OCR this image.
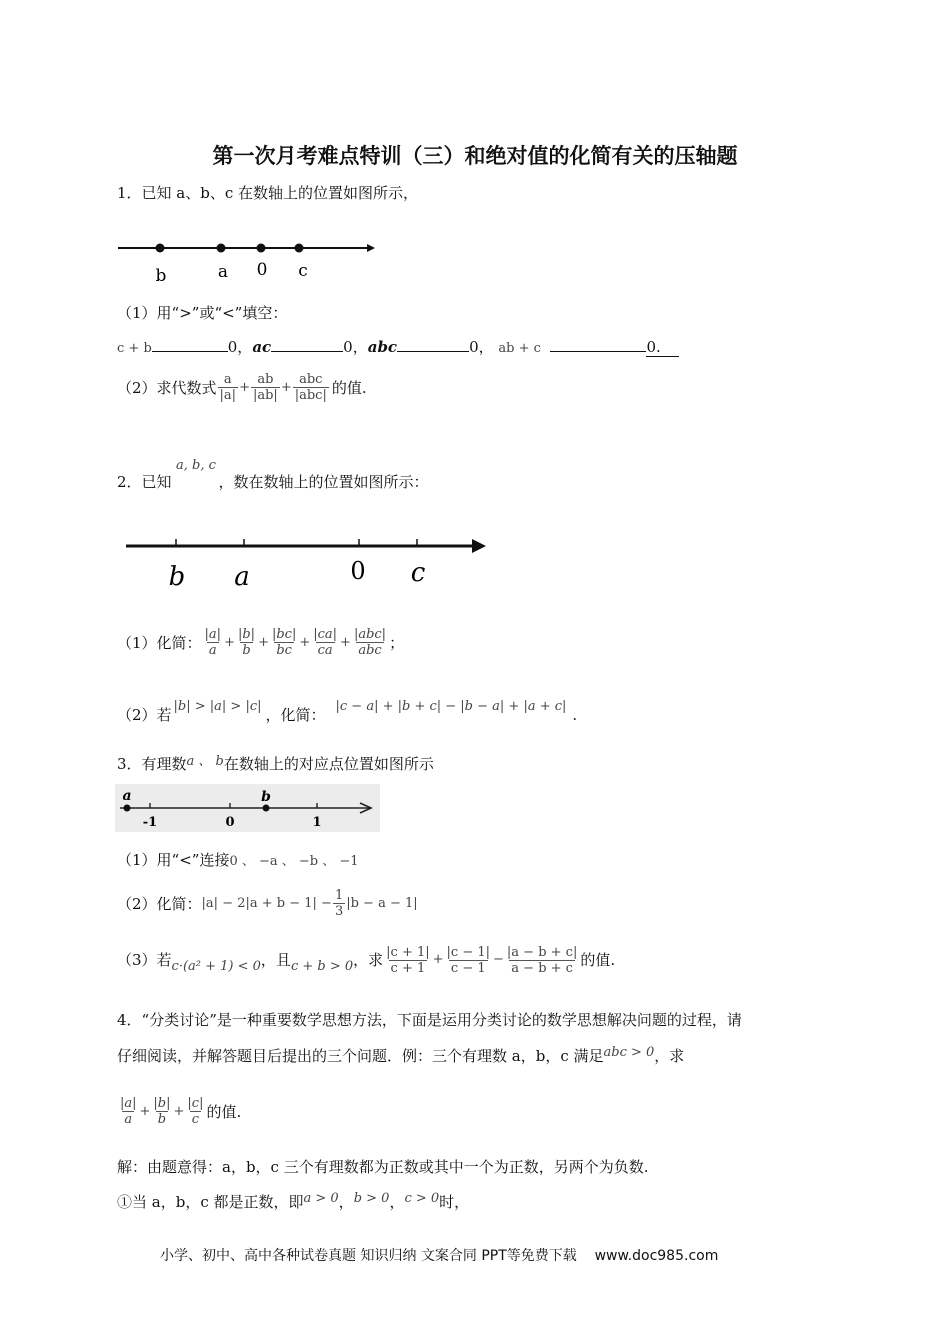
第一次月考难点特训（三）和绝对值的化简有关的压轴题
1．已知 a、b、c 在数轴上的位置如图所示，
b	a 0 c
（1）用“>”或“<”填空：
c + b	0，ac	0，abc	0， ab + c	0.
（2）求代数式 $\frac{a}{|a|} + \frac{ab}{|ab|} + \frac{\text{abc}}{\text{|abc|}}$ 的值.
a, b, c
2．已知	，数在数轴上的位置如图所示：
b a	0 c
（1）化简： $\frac{|a|}{a} + \frac{|b|}{b} + \frac{|bc|}{bc} + \frac{|ca|}{ca} + \frac{\text{|abc|}}{\text{abc}}$ ；
（2）若 |b| > |a| > |c| ，化简： |c − a| + |b + c| − |b − a| + |a + c| .
3．有理数 a 、 b 在数轴上的对应点位置如图所示
a	b
-1	0	1
（1）用“<”连接0 、 −a 、 −b 、 −1
（2）化简： $|a| - 2|a + b - 1| - \frac{1}{3} |b - a - 1|$
（3）若 c·(a² + 1) < 0 ，且 c + b > 0 ，求 $\frac{|c + 1|}{c + 1} + \frac{|c - 1|}{c - 1} - \frac{|a - b + c|}{a - b + c}$ 的值.
4．“分类讨论”是一种重要数学思想方法，下面是运用分类讨论的数学思想解决问题的过程，请
仔细阅读，并解答题目后提出的三个问题．例：三个有理数 a，b，c 满足 abc > 0 ，求
$\frac{|a|}{a} + \frac{|b|}{b} + \frac{|c|}{c}$ 的值.
解：由题意得：a，b，c 三个有理数都为正数或其中一个为正数，另两个为负数.
①当 a，b，c 都是正数，即 a > 0 ， b > 0 ， c > 0 时，
小学、初中、高中各种试卷真题 知识归纳 文案合同 PPT等免费下载 www.doc985.com
